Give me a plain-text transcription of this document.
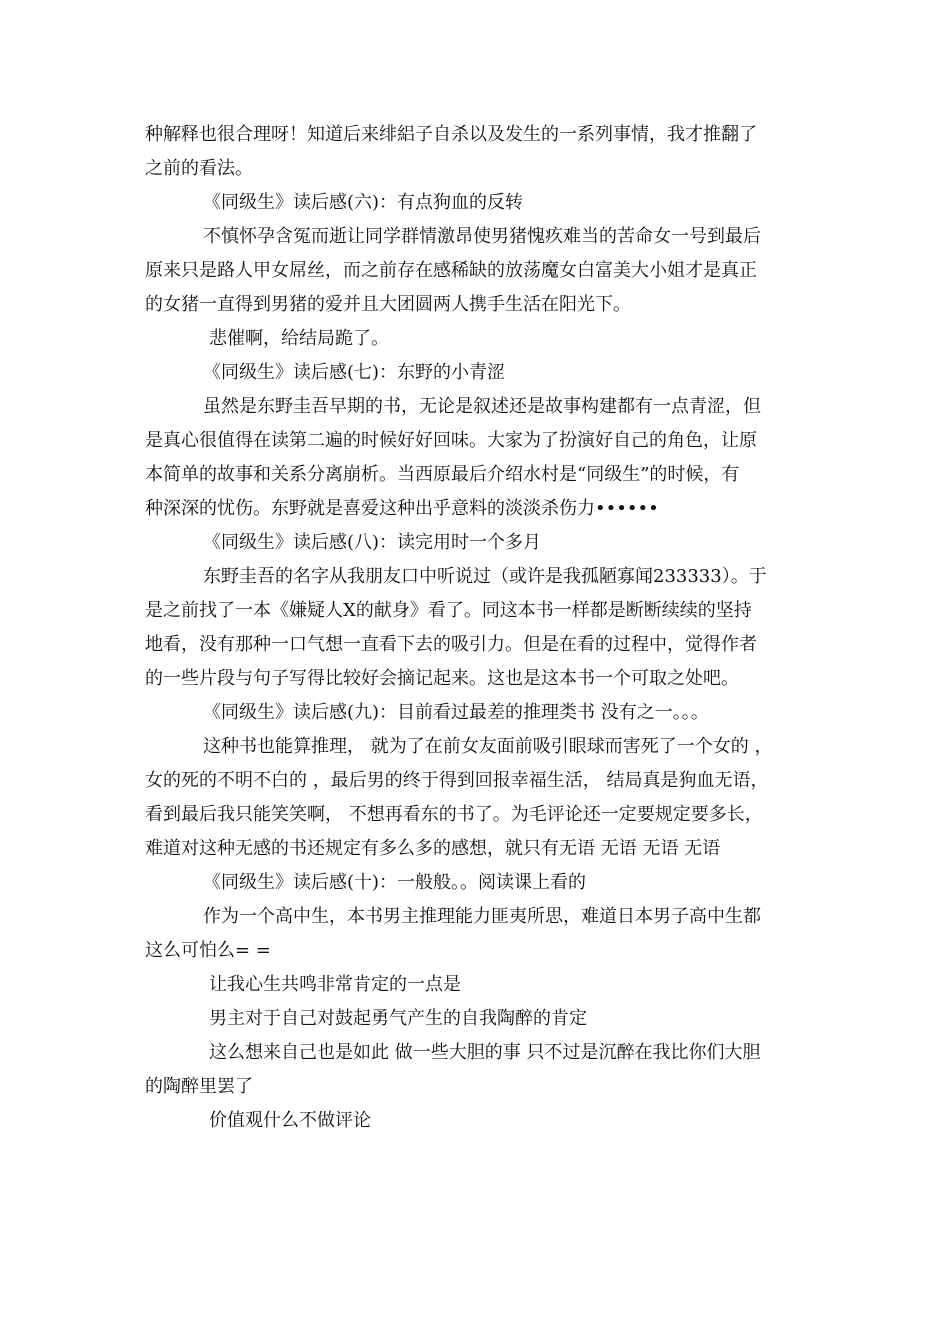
种解释也很合理呀！知道后来绯絽子自杀以及发生的一系列事情，我才推翻了
之前的看法。
《同级生》读后感(六)：有点狗血的反转
不慎怀孕含冤而逝让同学群情激昂使男猪愧疚难当的苦命女一号到最后
原来只是路人甲女屌丝，而之前存在感稀缺的放荡魔女白富美大小姐才是真正
的女猪一直得到男猪的爱并且大团圆两人携手生活在阳光下。
悲催啊，给结局跪了。
《同级生》读后感(七)：东野的小青涩
虽然是东野圭吾早期的书，无论是叙述还是故事构建都有一点青涩，但
是真心很值得在读第二遍的时候好好回味。大家为了扮演好自己的角色，让原
本简单的故事和关系分离崩析。当西原最后介绍水村是“同级生”的时候，有
种深深的忧伤。东野就是喜爱这种出乎意料的淡淡杀伤力••••••
《同级生》读后感(八)：读完用时一个多月
东野圭吾的名字从我朋友口中听说过（或许是我孤陋寡闻233333）。于
是之前找了一本《嫌疑人X的献身》看了。同这本书一样都是断断续续的坚持
地看，没有那种一口气想一直看下去的吸引力。但是在看的过程中，觉得作者
的一些片段与句子写得比较好会摘记起来。这也是这本书一个可取之处吧。
《同级生》读后感(九)：目前看过最差的推理类书 没有之一。。。
这种书也能算推理， 就为了在前女友面前吸引眼球而害死了一个女的 ，
女的死的不明不白的 ，最后男的终于得到回报幸福生活， 结局真是狗血无语，
看到最后我只能笑笑啊， 不想再看东的书了。为毛评论还一定要规定要多长，
难道对这种无感的书还规定有多么多的感想，就只有无语 无语 无语 无语
《同级生》读后感(十)：一般般。。阅读课上看的
作为一个高中生，本书男主推理能力匪夷所思，难道日本男子高中生都
这么可怕么= =
让我心生共鸣非常肯定的一点是
男主对于自己对鼓起勇气产生的自我陶醉的肯定
这么想来自己也是如此 做一些大胆的事 只不过是沉醉在我比你们大胆
的陶醉里罢了
价值观什么不做评论
